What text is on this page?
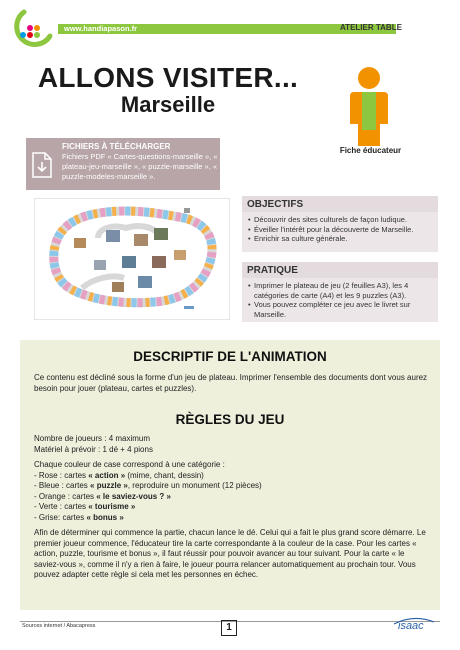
www.handiapason.fr	ATELIER TABLE
ALLONS VISITER...
Marseille
Fiche éducateur
FICHIERS À TÉLÉCHARGER
Fichiers PDF « Cartes-questions-marseille », « plateau-jeu-marseille », « puzzle-marseille », « puzzle-modeles-marseille ».
OBJECTIFS
• Découvrir des sites culturels de façon ludique.
• Éveiller l'intérêt pour la découverte de Marseille.
• Enrichir sa culture générale.
PRATIQUE
• Imprimer le plateau de jeu (2 feuilles A3), les 4 catégories de carte (A4) et les 9 puzzles (A3).
• Vous pouvez compléter ce jeu avec le livret sur Marseille.
DESCRIPTIF DE L'ANIMATION
Ce contenu est décliné sous la forme d'un jeu de plateau. Imprimer l'ensemble des documents dont vous aurez besoin pour jouer (plateau, cartes et puzzles).
RÈGLES DU JEU

Nombre de joueurs : 4 maximum

Matériel à prévoir : 1 dé + 4 pions

Chaque couleur de case correspond à une catégorie :

- Rose : cartes « action » (mime, chant, dessin)

- Bleue : cartes « puzzle », reproduire un monument (12 pièces)

- Orange : cartes « le saviez-vous ? »

- Verte : cartes « tourisme »

- Grise: cartes « bonus »

Afin de déterminer qui commence la partie, chacun lance le dé. Celui qui a fait le plus grand score démarre. Le premier joueur commence, l'éducateur tire la carte correspondante à la couleur de la case. Pour les cartes « action, puzzle, tourisme et bonus », il faut réussir pour pouvoir avancer au tour suivant. Pour la carte « le saviez-vous », comme il n'y a rien à faire, le joueur pourra relancer automatiquement au prochain tour. Vous pouvez adapter cette règle si cela met les personnes en échec.

Sources internet / Abacapress	1	isaac
